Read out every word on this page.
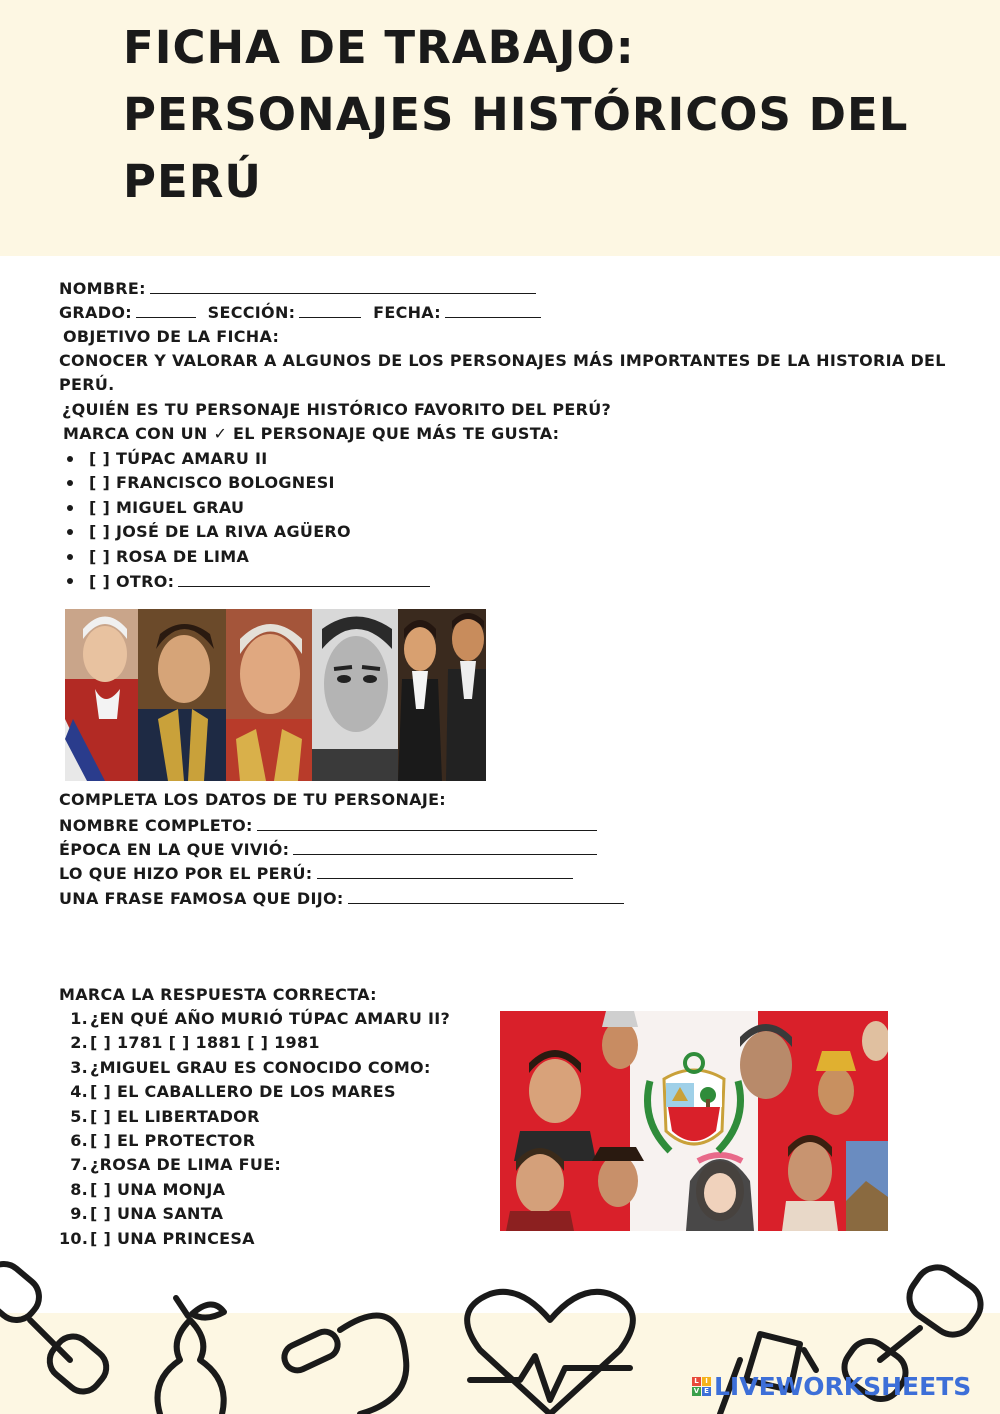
FICHA DE TRABAJO:
PERSONAJES HISTÓRICOS DEL
PERÚ
NOMBRE:
GRADO:	SECCIÓN:	FECHA:
OBJETIVO DE LA FICHA:
CONOCER Y VALORAR A ALGUNOS DE LOS PERSONAJES MÁS IMPORTANTES DE LA HISTORIA DEL
PERÚ.
¿QUIÉN ES TU PERSONAJE HISTÓRICO FAVORITO DEL PERÚ?
MARCA CON UN ✓ EL PERSONAJE QUE MÁS TE GUSTA:
[ ] TÚPAC AMARU II
[ ] FRANCISCO BOLOGNESI
[ ] MIGUEL GRAU
[ ] JOSÉ DE LA RIVA AGÜERO
[ ] ROSA DE LIMA
[ ] OTRO:
COMPLETA LOS DATOS DE TU PERSONAJE:
NOMBRE COMPLETO:
ÉPOCA EN LA QUE VIVIÓ:
LO QUE HIZO POR EL PERÚ:
UNA FRASE FAMOSA QUE DIJO:
MARCA LA RESPUESTA CORRECTA:
1. ¿EN QUÉ AÑO MURIÓ TÚPAC AMARU II?
2. [ ] 1781 [ ] 1881 [ ] 1981
3. ¿MIGUEL GRAU ES CONOCIDO COMO:
4. [ ] EL CABALLERO DE LOS MARES
5. [ ] EL LIBERTADOR
6. [ ] EL PROTECTOR
7. ¿ROSA DE LIMA FUE:
8. [ ] UNA MONJA
9. [ ] UNA SANTA
10. [ ] UNA PRINCESA
L I
V E LIVEWORKSHEETS
